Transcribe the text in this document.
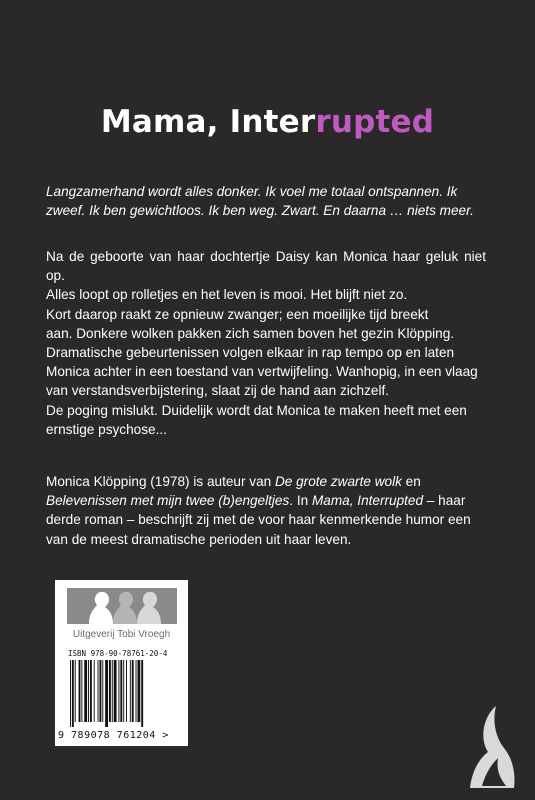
Mama, Interrupted
Langzamerhand wordt alles donker. Ik voel me totaal ontspannen. Ik
zweef. Ik ben gewichtloos. Ik ben weg. Zwart. En daarna … niets meer.
Na de geboorte van haar dochtertje Daisy kan Monica haar geluk niet op.
Alles loopt op rolletjes en het leven is mooi. Het blijft niet zo.
Kort daarop raakt ze opnieuw zwanger; een moeilijke tijd breekt
aan. Donkere wolken pakken zich samen boven het gezin Klöpping.
Dramatische gebeurtenissen volgen elkaar in rap tempo op en laten
Monica achter in een toestand van vertwijfeling. Wanhopig, in een vlaag
van verstandsverbijstering, slaat zij de hand aan zichzelf.
De poging mislukt. Duidelijk wordt dat Monica te maken heeft met een
ernstige psychose...
Monica Klöpping (1978) is auteur van De grote zwarte wolk en
Belevenissen met mijn twee (b)engeltjes. In Mama, Interrupted – haar
derde roman – beschrijft zij met de voor haar kenmerkende humor een
van de meest dramatische perioden uit haar leven.
Uitgeverij Tobi Vroegh
ISBN 978-90-78761-20-4
9 789078 761204 >
